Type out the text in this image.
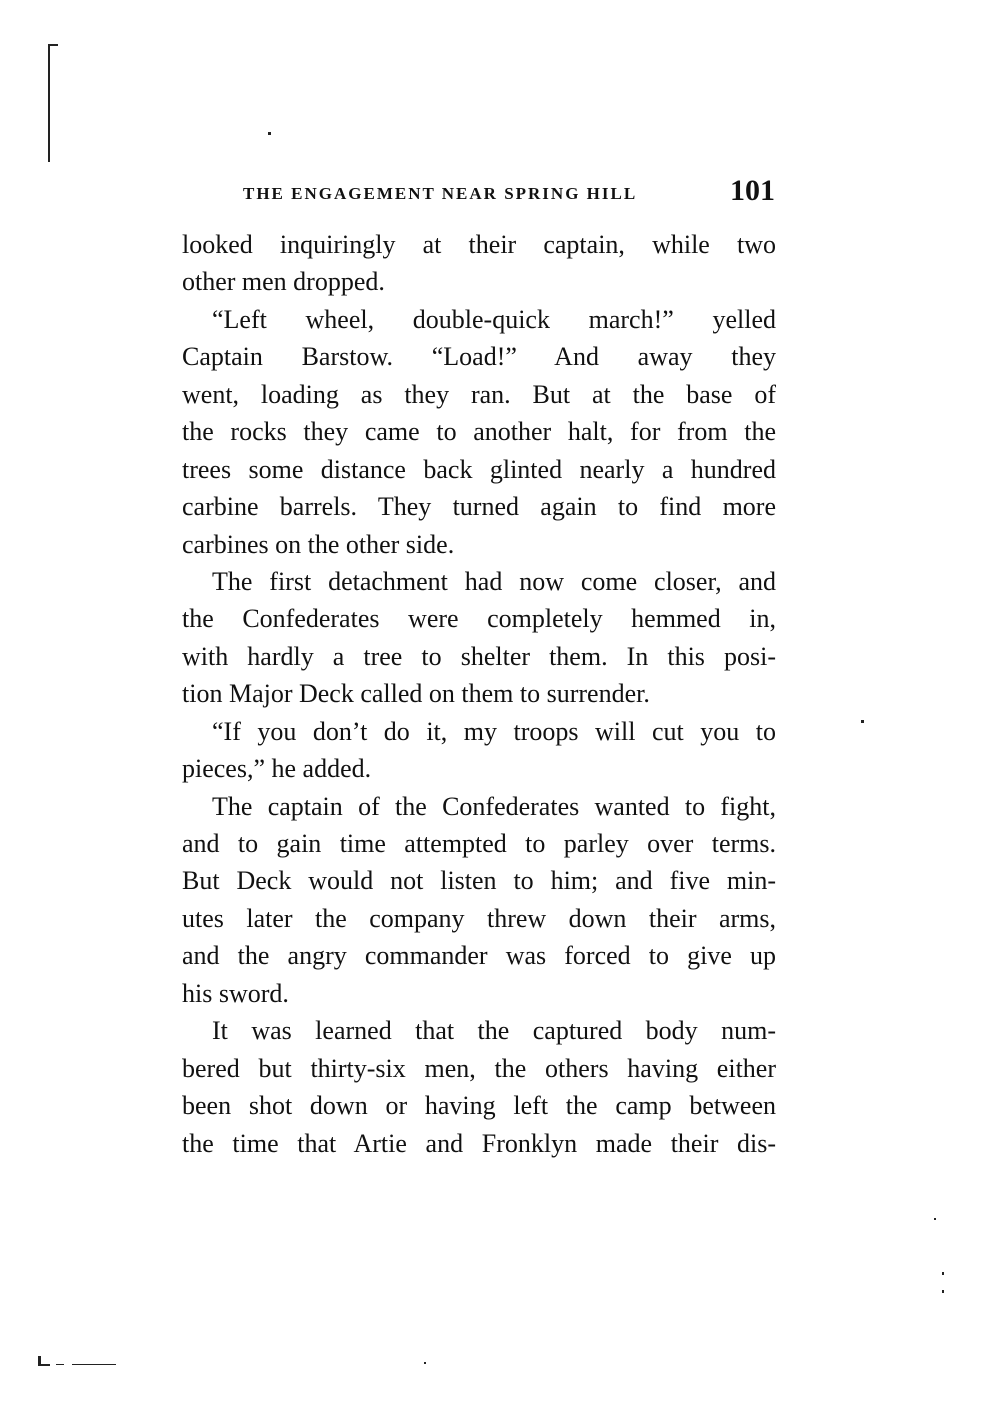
THE ENGAGEMENT NEAR SPRING HILL	101
looked inquiringly at their captain, while two
other men dropped.
“Left wheel, double-quick march!” yelled
Captain Barstow. “Load!” And away they
went, loading as they ran. But at the base of
the rocks they came to another halt, for from the
trees some distance back glinted nearly a hundred
carbine barrels. They turned again to find more
carbines on the other side.
The first detachment had now come closer, and
the Confederates were completely hemmed in,
with hardly a tree to shelter them. In this posi-
tion Major Deck called on them to surrender.
“If you don’t do it, my troops will cut you to
pieces,” he added.
The captain of the Confederates wanted to fight,
and to gain time attempted to parley over terms.
But Deck would not listen to him; and five min-
utes later the company threw down their arms,
and the angry commander was forced to give up
his sword.
It was learned that the captured body num-
bered but thirty-six men, the others having either
been shot down or having left the camp between
the time that Artie and Fronklyn made their dis-
